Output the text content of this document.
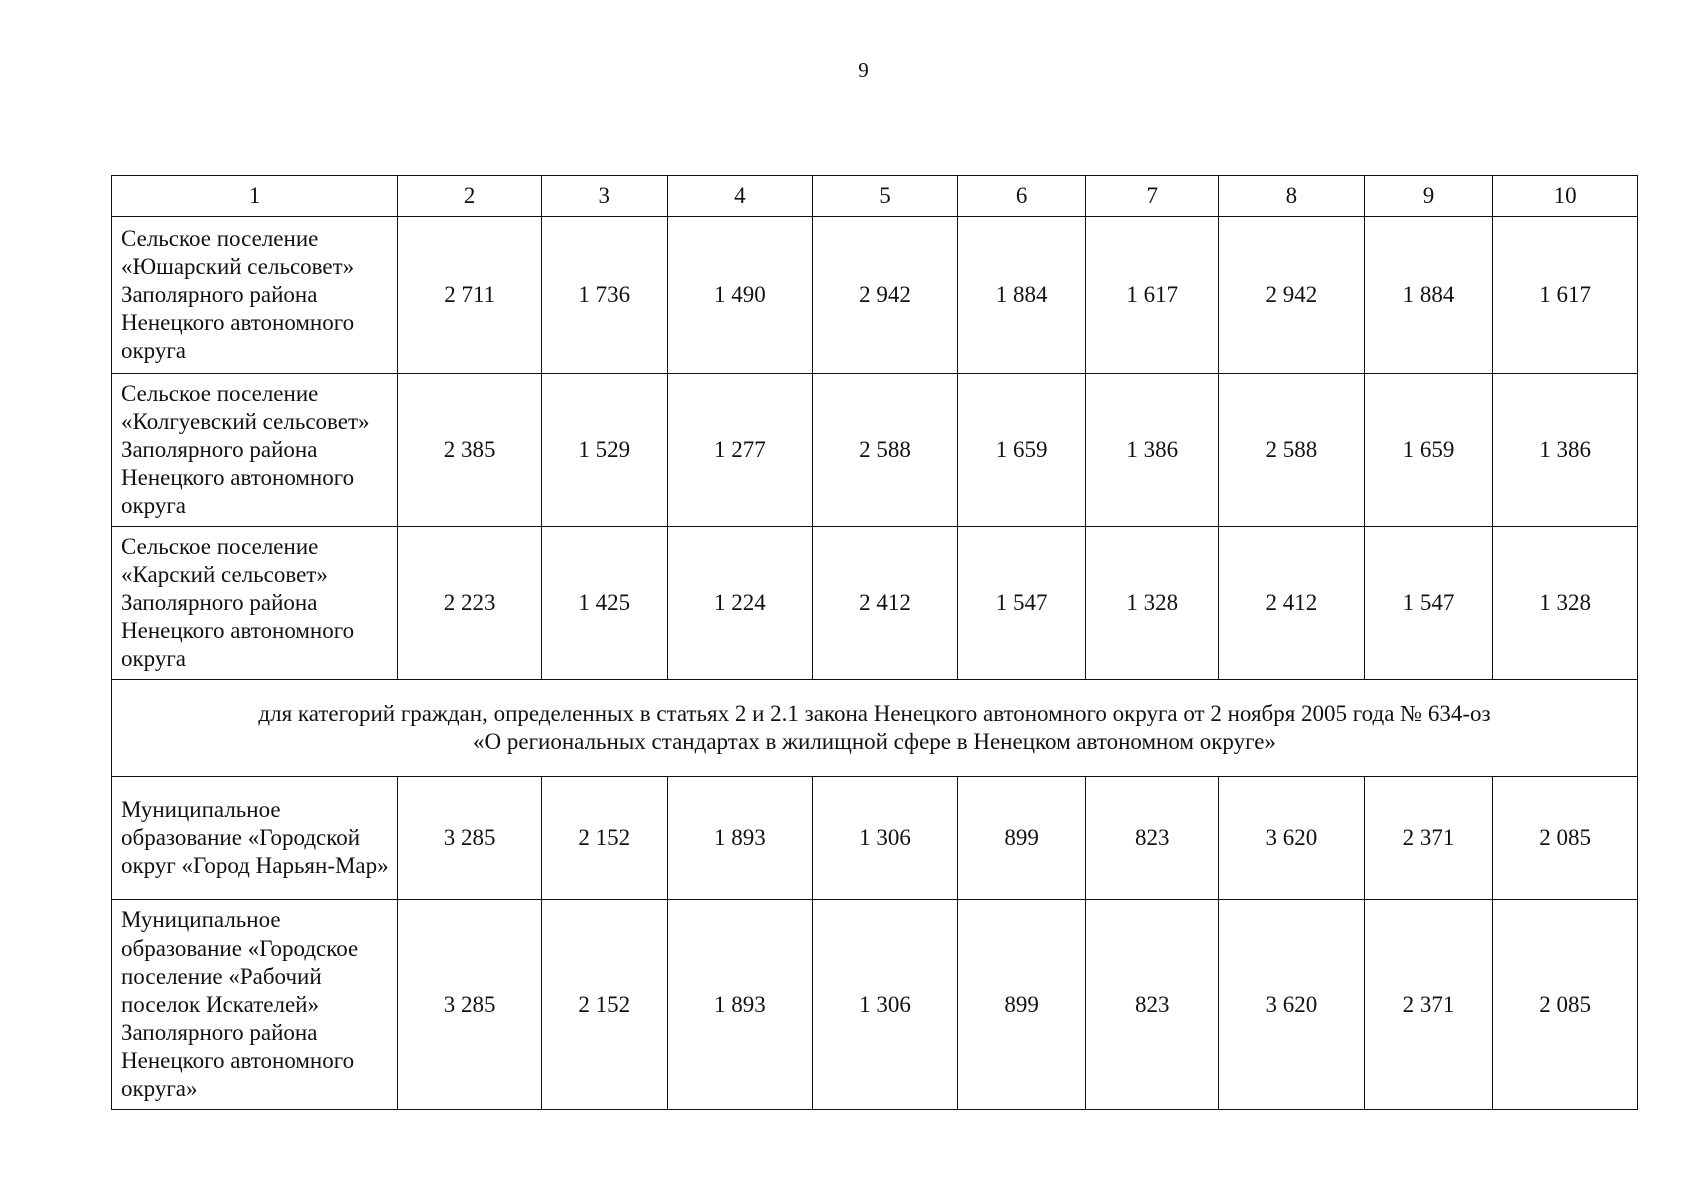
9
1	2	3	4	5	6	7	8	9	10
Сельское поселение «Юшарский сельсовет» Заполярного района Ненецкого автономного округа	2 711	1 736	1 490	2 942	1 884	1 617	2 942	1 884	1 617
Сельское поселение «Колгуевский сельсовет» Заполярного района Ненецкого автономного округа	2 385	1 529	1 277	2 588	1 659	1 386	2 588	1 659	1 386
Сельское поселение «Карский сельсовет» Заполярного района Ненецкого автономного округа	2 223	1 425	1 224	2 412	1 547	1 328	2 412	1 547	1 328

для категорий граждан, определенных в статьях 2 и 2.1 закона Ненецкого автономного округа от 2 ноября 2005 года № 634-оз
«О региональных стандартах в жилищной сфере в Ненецком автономном округе»									

Муниципальное образование «Городской округ «Город Нарьян-Мар»	3 285	2 152	1 893	1 306	899	823	3 620	2 371	2 085
Муниципальное образование «Городское поселение «Рабочий поселок Искателей» Заполярного района Ненецкого автономного округа»	3 285	2 152	1 893	1 306	899	823	3 620	2 371	2 085
